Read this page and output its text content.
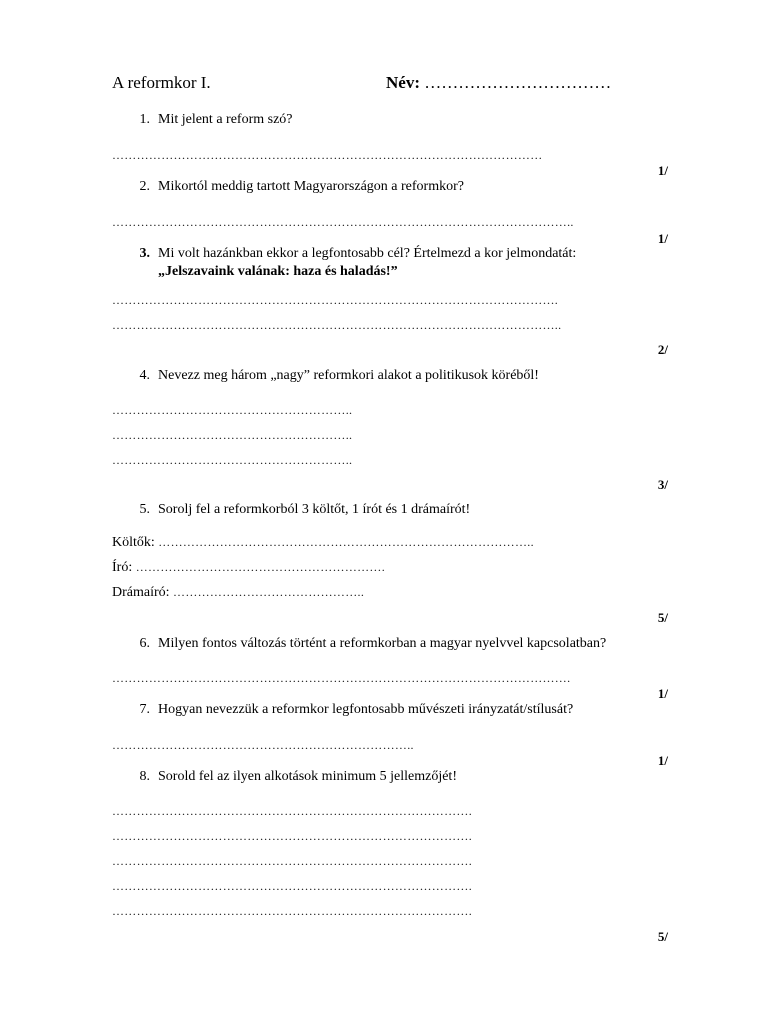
A reformkor I.	Név: ……………………………
1. Mit jelent a reform szó?
……………………………………………………………………………………………
1/
2. Mikortól meddig tartott Magyarországon a reformkor?
…………………………………………………………………………………………………..
1/
3. Mi volt hazánkban ekkor a legfontosabb cél? Értelmezd a kor jelmondatát:
„Jelszavaink valának: haza és haladás!”
……………………………………………………………………………………………….
………………………………………………………………………………………………..
2/
4. Nevezz meg három „nagy” reformkori alakot a politikusok köréből!
…………………………………………………..
…………………………………………………..
…………………………………………………..
3/
5. Sorolj fel a reformkorból 3 költőt, 1 írót és 1 drámaírót!
Költők: ………………………………………………………………………………..
Író: …………………………………………………….
Drámaíró: ………………………………………..
5/
6. Milyen fontos változás történt a reformkorban a magyar nyelvvel kapcsolatban?
………………………………………………………………………………………………….
1/
7. Hogyan nevezzük a reformkor legfontosabb művészeti irányzatát/stílusát?
………………………………………………………………..
1/
8. Sorold fel az ilyen alkotások minimum 5 jellemzőjét!
…………………………………………………………………………….
…………………………………………………………………………….
…………………………………………………………………………….
…………………………………………………………………………….
…………………………………………………………………………….
5/
